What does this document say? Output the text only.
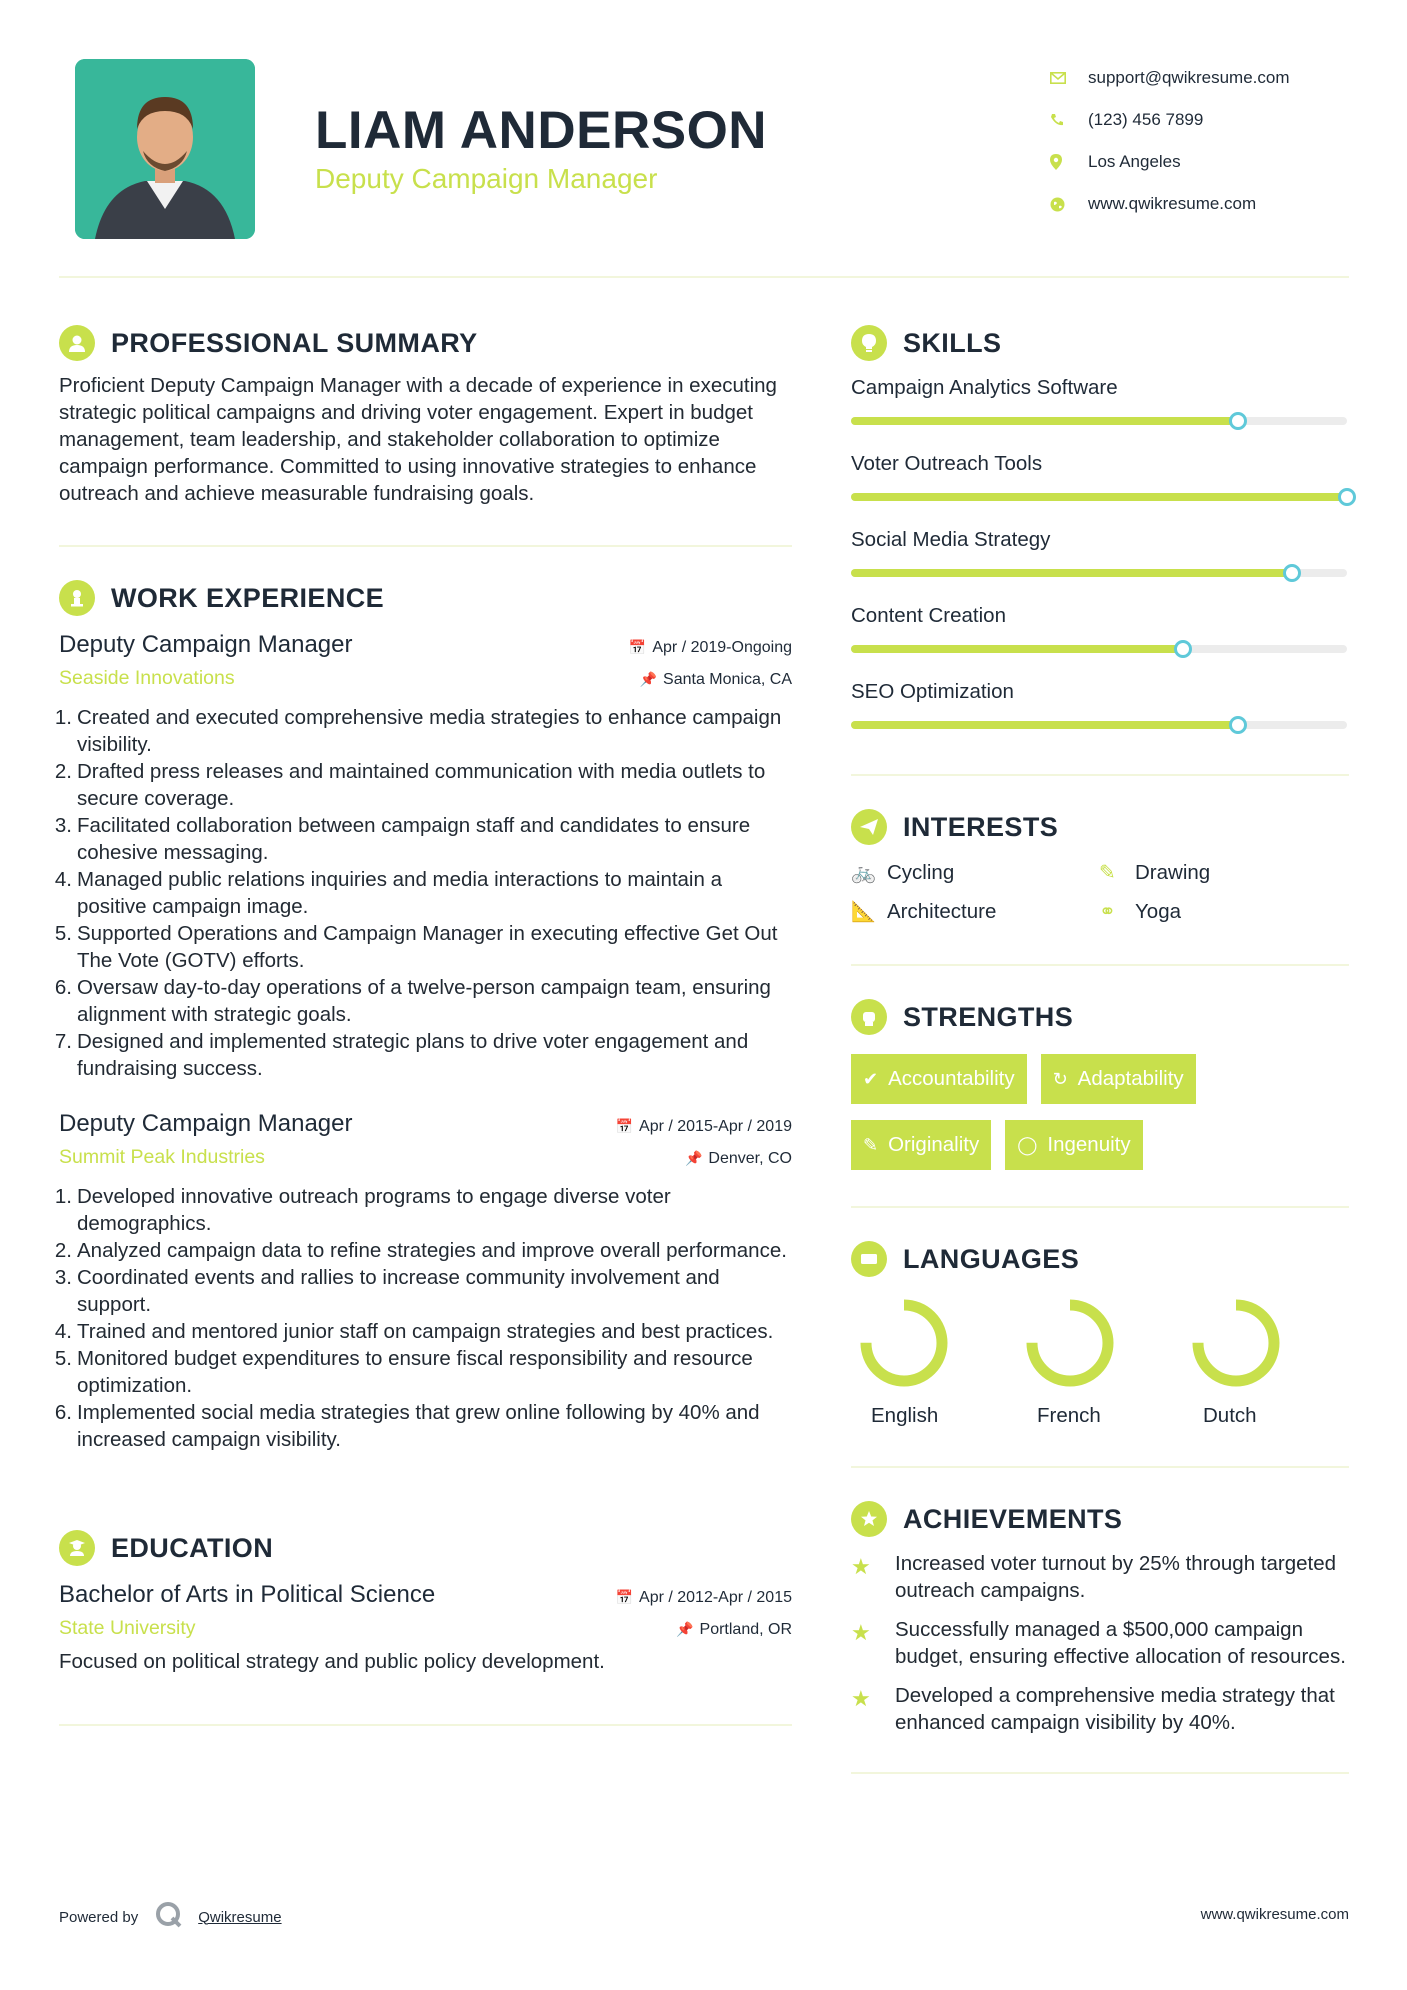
LIAM ANDERSON
Deputy Campaign Manager
support@qwikresume.com
(123) 456 7899
Los Angeles
www.qwikresume.com
PROFESSIONAL SUMMARY

Proficient Deputy Campaign Manager with a decade of experience in executing strategic political campaigns and driving voter engagement. Expert in budget management, team leadership, and stakeholder collaboration to optimize campaign performance. Committed to using innovative strategies to enhance outreach and achieve measurable fundraising goals.

WORK EXPERIENCE
Deputy Campaign Manager	📅 Apr / 2019-Ongoing
Seaside Innovations	📌 Santa Monica, CA
1. Created and executed comprehensive media strategies to enhance campaign visibility.
2. Drafted press releases and maintained communication with media outlets to secure coverage.
3. Facilitated collaboration between campaign staff and candidates to ensure cohesive messaging.
4. Managed public relations inquiries and media interactions to maintain a positive campaign image.
5. Supported Operations and Campaign Manager in executing effective Get Out The Vote (GOTV) efforts.
6. Oversaw day-to-day operations of a twelve-person campaign team, ensuring alignment with strategic goals.
7. Designed and implemented strategic plans to drive voter engagement and fundraising success.
Deputy Campaign Manager	📅 Apr / 2015-Apr / 2019
Summit Peak Industries	📌 Denver, CO
1. Developed innovative outreach programs to engage diverse voter demographics.
2. Analyzed campaign data to refine strategies and improve overall performance.
3. Coordinated events and rallies to increase community involvement and support.
4. Trained and mentored junior staff on campaign strategies and best practices.
5. Monitored budget expenditures to ensure fiscal responsibility and resource optimization.
6. Implemented social media strategies that grew online following by 40% and increased campaign visibility.
EDUCATION
Bachelor of Arts in Political Science	📅 Apr / 2012-Apr / 2015
State University	📌 Portland, OR

Focused on political strategy and public policy development.

SKILLS
Campaign Analytics Software
Voter Outreach Tools
Social Media Strategy
Content Creation
SEO Optimization
INTERESTS
🚲 Cycling	✎ Drawing
📐 Architecture	⚭ Yoga
STRENGTHS
✔ Accountability ↻ Adaptability
✎ Originality ◯ Ingenuity
LANGUAGES
English	French	Dutch
ACHIEVEMENTS
★	Increased voter turnout by 25% through targeted outreach campaigns.
★	Successfully managed a $500,000 campaign budget, ensuring effective allocation of resources.
★	Developed a comprehensive media strategy that enhanced campaign visibility by 40%.
Powered by	Qwikresume	www.qwikresume.com
